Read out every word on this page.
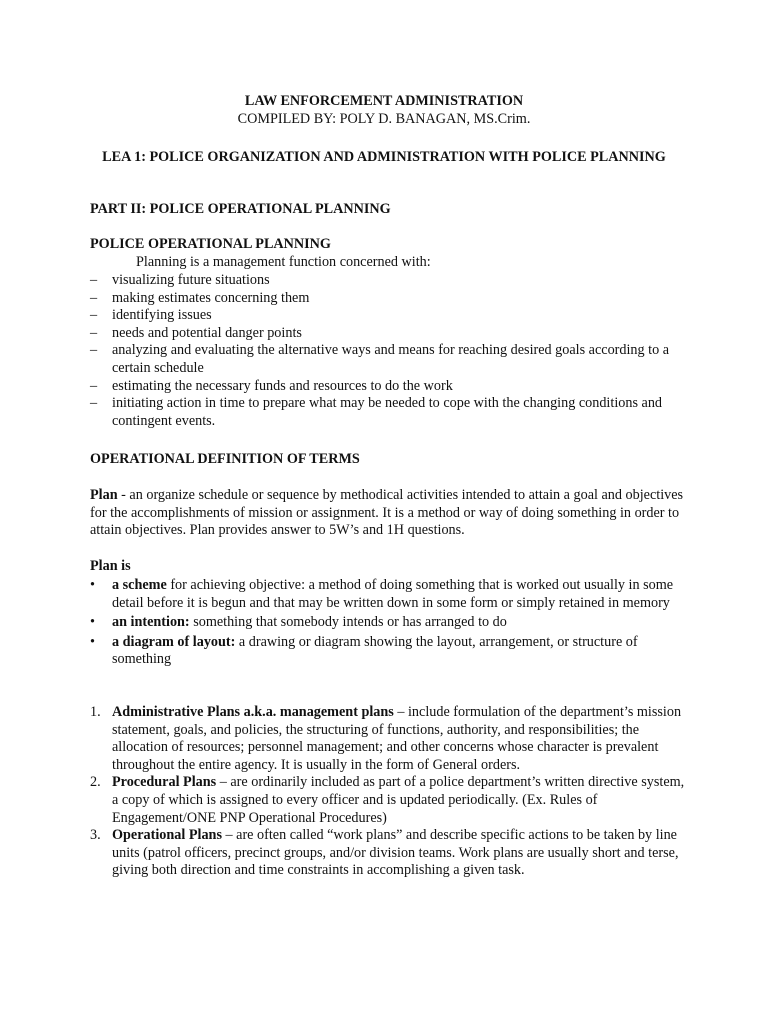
LAW ENFORCEMENT ADMINISTRATION
COMPILED BY: POLY D. BANAGAN, MS.Crim.
LEA 1: POLICE ORGANIZATION AND ADMINISTRATION WITH POLICE PLANNING
PART II: POLICE OPERATIONAL PLANNING
POLICE OPERATIONAL PLANNING
Planning is a management function concerned with:
– visualizing future situations
– making estimates concerning them
– identifying issues
– needs and potential danger points
– analyzing and evaluating the alternative ways and means for reaching desired goals according to a certain schedule
– estimating the necessary funds and resources to do the work
– initiating action in time to prepare what may be needed to cope with the changing conditions and contingent events.
OPERATIONAL DEFINITION OF TERMS
Plan - an organize schedule or sequence by methodical activities intended to attain a goal and objectives for the accomplishments of mission or assignment. It is a method or way of doing something in order to attain objectives. Plan provides answer to 5W’s and 1H questions.
Plan is
• a scheme for achieving objective: a method of doing something that is worked out usually in some detail before it is begun and that may be written down in some form or simply retained in memory
• an intention: something that somebody intends or has arranged to do
• a diagram of layout: a drawing or diagram showing the layout, arrangement, or structure of something
1. Administrative Plans a.k.a. management plans – include formulation of the department’s mission statement, goals, and policies, the structuring of functions, authority, and responsibilities; the allocation of resources; personnel management; and other concerns whose character is prevalent throughout the entire agency. It is usually in the form of General orders.
2. Procedural Plans – are ordinarily included as part of a police department’s written directive system, a copy of which is assigned to every officer and is updated periodically. (Ex. Rules of Engagement/ONE PNP Operational Procedures)
3. Operational Plans – are often called “work plans” and describe specific actions to be taken by line units (patrol officers, precinct groups, and/or division teams. Work plans are usually short and terse, giving both direction and time constraints in accomplishing a given task.
